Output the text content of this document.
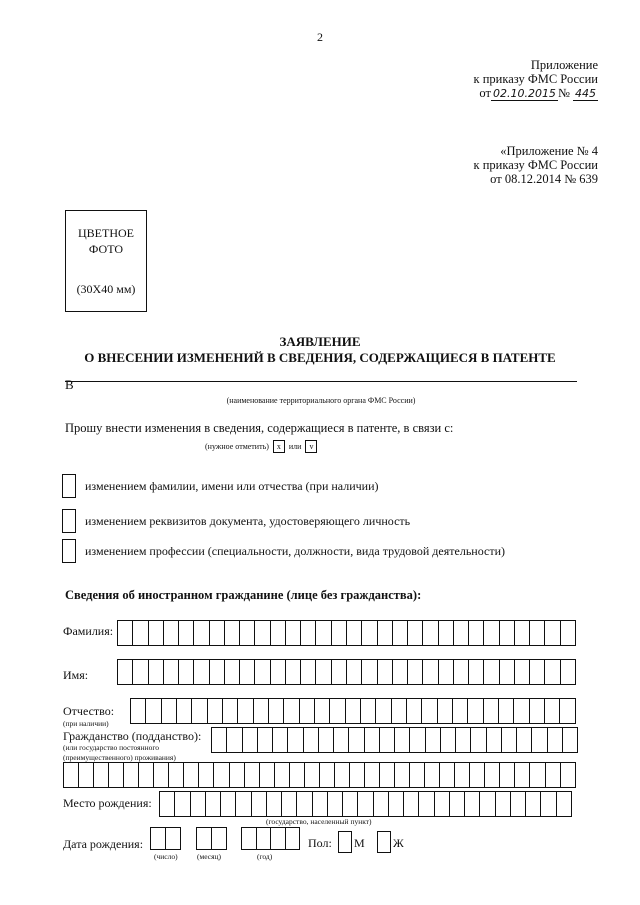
2
Приложение
к приказу ФМС России
от 02.10.2015 № 445
«Приложение № 4
к приказу ФМС России
от 08.12.2014 № 639
ЦВЕТНОЕ
ФОТО
(30Х40 мм)
ЗАЯВЛЕНИЕ
О ВНЕСЕНИИ ИЗМЕНЕНИЙ В СВЕДЕНИЯ, СОДЕРЖАЩИЕСЯ В ПАТЕНТЕ
В
(наименование территориального органа ФМС России)
Прошу внести изменения в сведения, содержащиеся в патенте, в связи с:
(нужное отметить)	x	или	v
изменением фамилии, имени или отчества (при наличии)
изменением реквизитов документа, удостоверяющего личность
изменением профессии (специальности, должности, вида трудовой деятельности)
Сведения об иностранном гражданине (лице без гражданства):
Фамилия:
Имя:
Отчество:
(при наличии)
Гражданство (подданство):
(или государство постоянного
(преимущественного) проживания)
Место рождения:
(государство, населенный пункт)
Дата рождения:
(число)	(месяц)	(год)
Пол: М Ж
